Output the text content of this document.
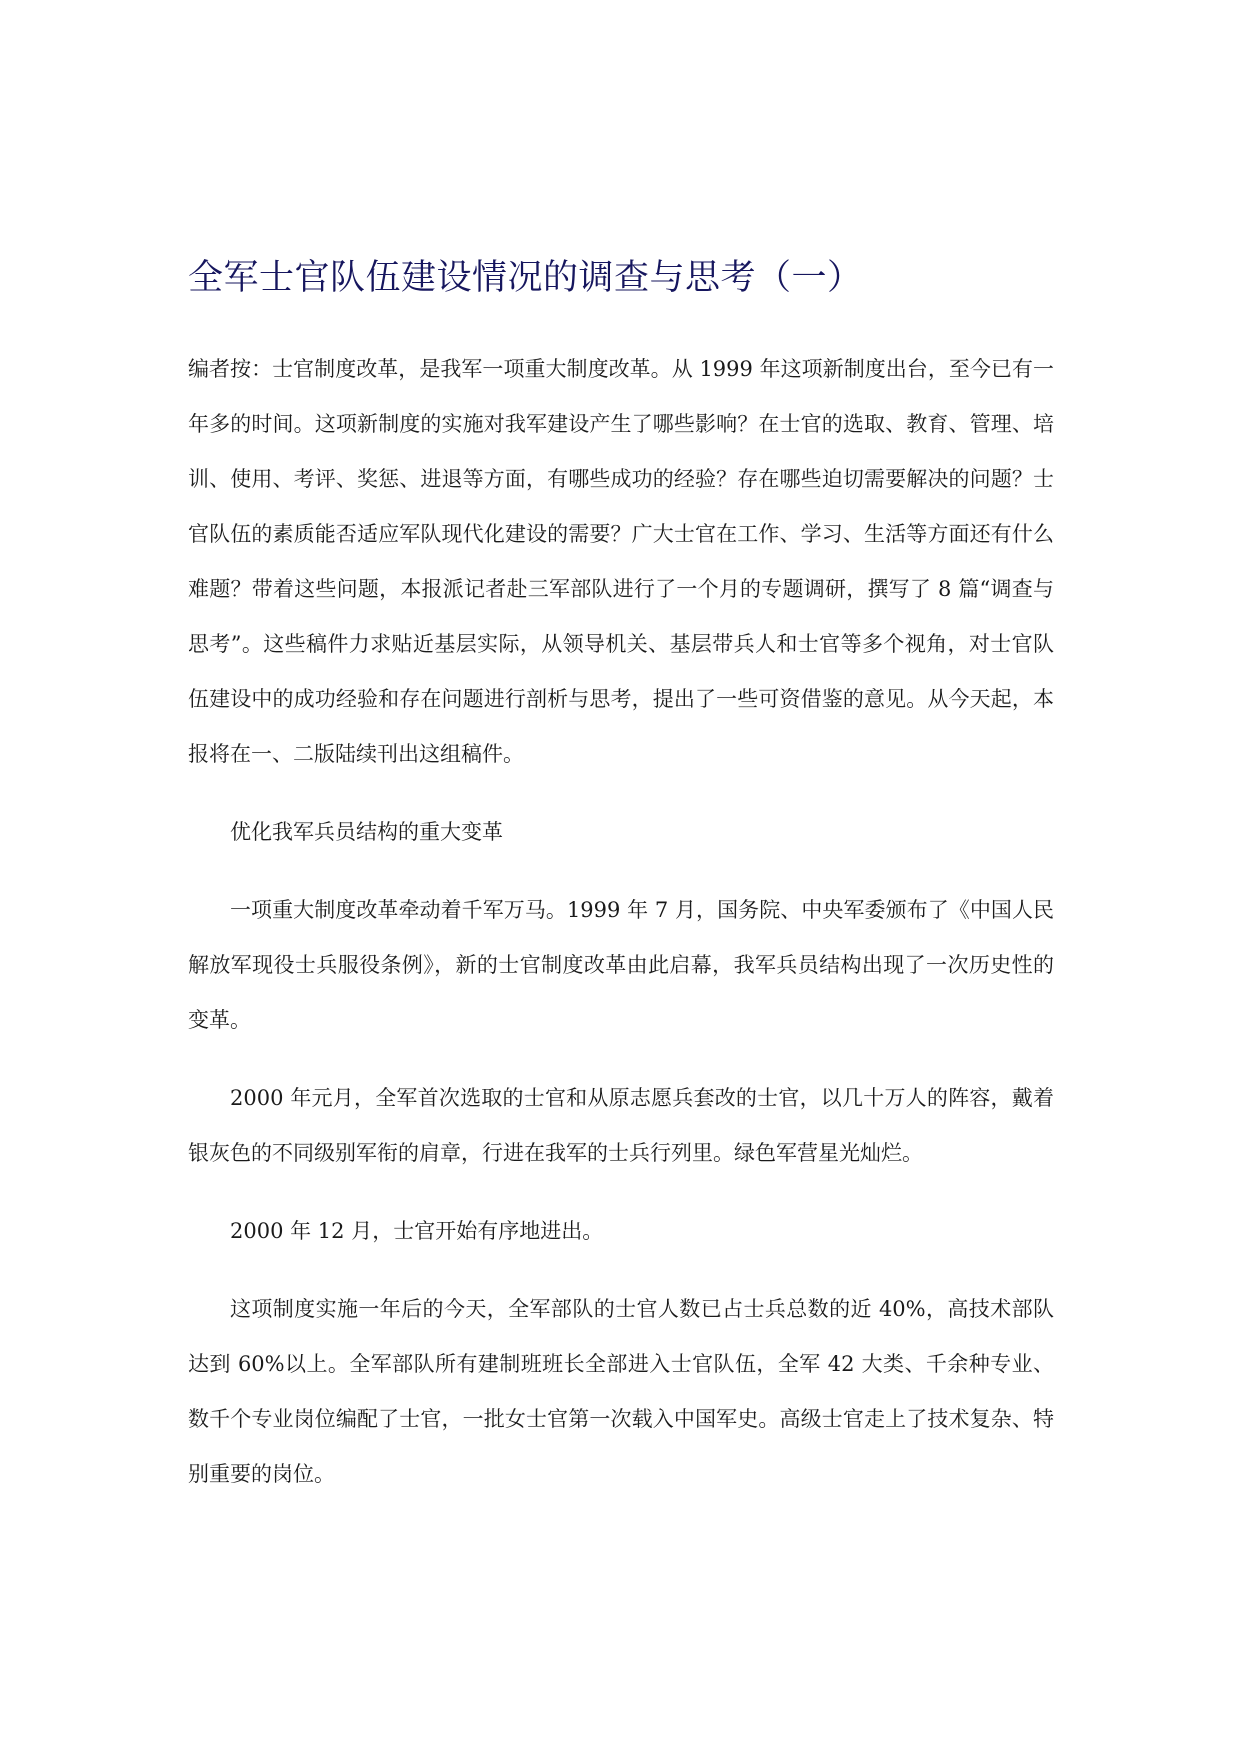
全军士官队伍建设情况的调查与思考（一）

编者按：士官制度改革，是我军一项重大制度改革。从 1999 年这项新制度出台，至今已有一年多的时间。这项新制度的实施对我军建设产生了哪些影响？在士官的选取、教育、管理、培训、使用、考评、奖惩、进退等方面，有哪些成功的经验？存在哪些迫切需要解决的问题？士官队伍的素质能否适应军队现代化建设的需要？广大士官在工作、学习、生活等方面还有什么难题？带着这些问题，本报派记者赴三军部队进行了一个月的专题调研，撰写了 8 篇“调查与思考”。这些稿件力求贴近基层实际，从领导机关、基层带兵人和士官等多个视角，对士官队伍建设中的成功经验和存在问题进行剖析与思考，提出了一些可资借鉴的意见。从今天起，本报将在一、二版陆续刊出这组稿件。

优化我军兵员结构的重大变革

一项重大制度改革牵动着千军万马。1999 年 7 月，国务院、中央军委颁布了《中国人民解放军现役士兵服役条例》，新的士官制度改革由此启幕，我军兵员结构出现了一次历史性的变革。

2000 年元月，全军首次选取的士官和从原志愿兵套改的士官，以几十万人的阵容，戴着银灰色的不同级别军衔的肩章，行进在我军的士兵行列里。绿色军营星光灿烂。

2000 年 12 月，士官开始有序地进出。

这项制度实施一年后的今天，全军部队的士官人数已占士兵总数的近 40%，高技术部队达到 60%以上。全军部队所有建制班班长全部进入士官队伍，全军 42 大类、千余种专业、数千个专业岗位编配了士官，一批女士官第一次载入中国军史。高级士官走上了技术复杂、特别重要的岗位。
